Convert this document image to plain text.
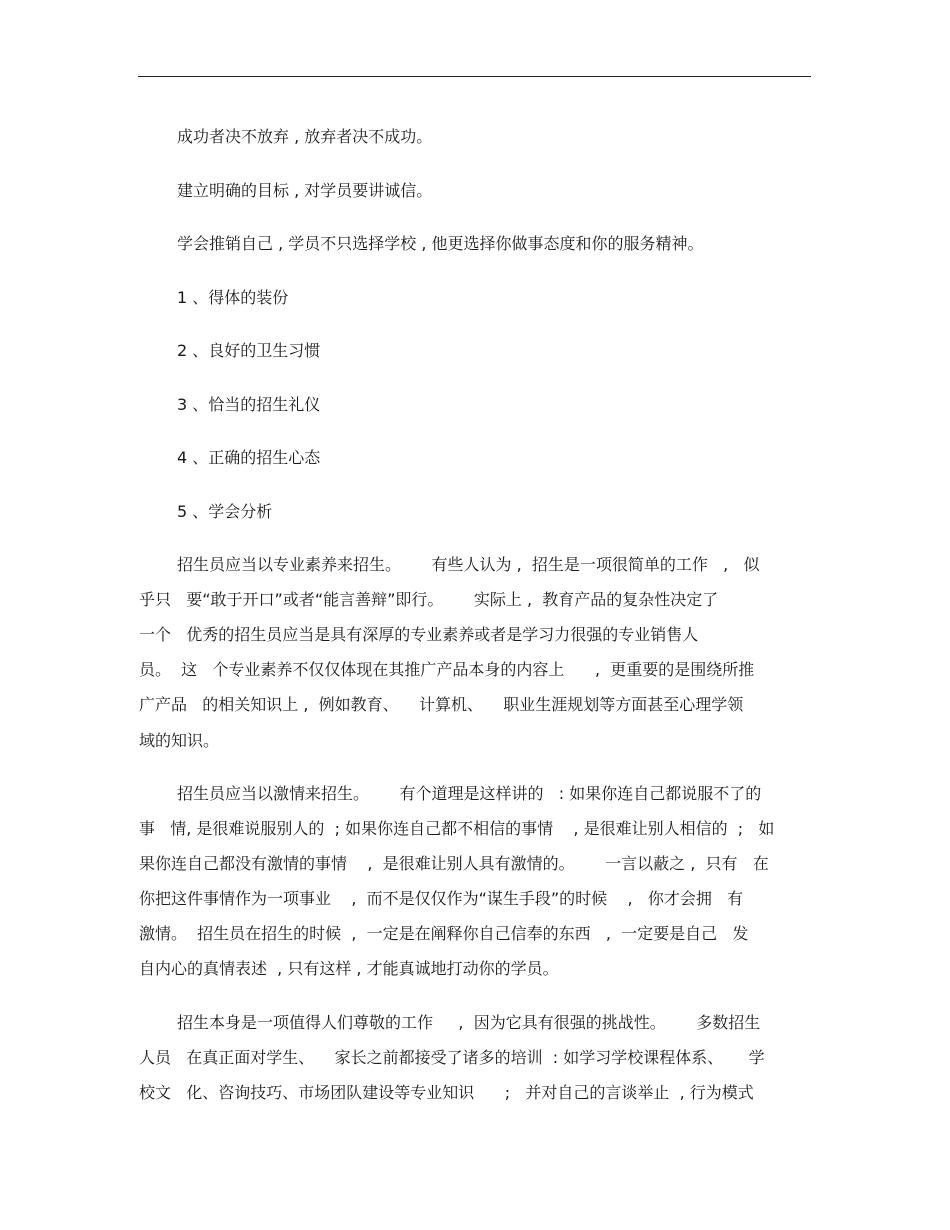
成功者决不放弃 , 放弃者决不成功。

建立明确的目标 , 对学员要讲诚信。

学会推销自己 , 学员不只选择学校 , 他更选择你做事态度和你的服务精神。

1 、得体的装份

2 、良好的卫生习惯

3 、恰当的招生礼仪

4 、正确的招生心态

5 、学会分析

招生员应当以专业素养来招生。      有些人认为 ,  招生是一项很简单的工作   ,   似

乎只   要“敢于开口”或者“能言善辩”即行。      实际上 ,  教育产品的复杂性决定了

一个   优秀的招生员应当是具有深厚的专业素养或者是学习力很强的专业销售人

员。  这   个专业素养不仅仅体现在其推广产品本身的内容上      ,  更重要的是围绕所推

广产品   的相关知识上 ,  例如教育、    计算机、    职业生涯规划等方面甚至心理学领

域的知识。

招生员应当以激情来招生。      有个道理是这样讲的   : 如果你连自己都说服不了的

事   情, 是很难说服别人的  ; 如果你连自己都不相信的事情    , 是很难让别人相信的  ;   如

果你连自己都没有激情的事情    ,  是很难让别人具有激情的。      一言以蔽之 ,  只有   在

你把这件事情作为一项事业    ,  而不是仅仅作为“谋生手段”的时候    ,   你才会拥   有

激情。  招生员在招生的时候  ,  一定是在阐释你自己信奉的东西   ,  一定要是自己   发

自内心的真情表述  , 只有这样 , 才能真诚地打动你的学员。

招生本身是一项值得人们尊敬的工作     ,  因为它具有很强的挑战性。      多数招生

人员   在真正面对学生、    家长之前都接受了诸多的培训  : 如学习学校课程体系、     学

校文   化、咨询技巧、市场团队建设等专业知识      ;   并对自己的言谈举止  , 行为模式
